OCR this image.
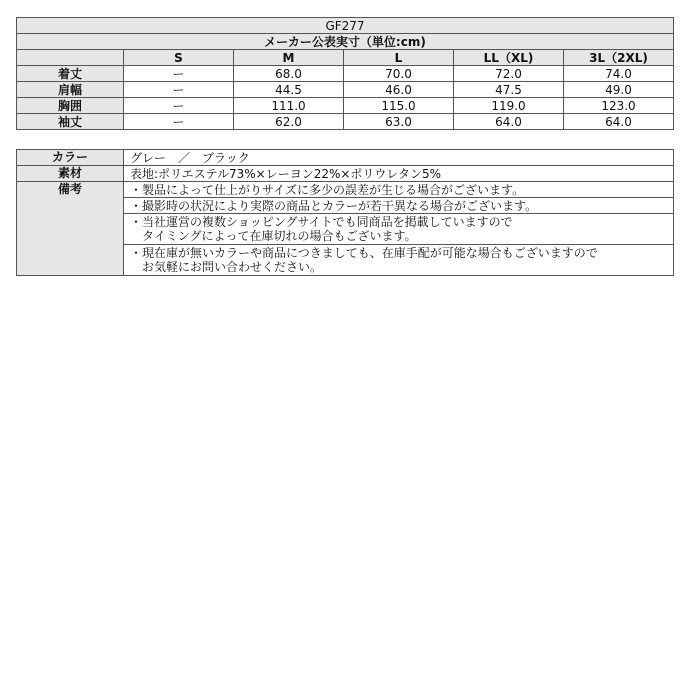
GF277					
メーカー公表実寸（単位:cm)					
	S	M	L	LL（XL)	3L（2XL)
着丈	ー	68.0	70.0	72.0	74.0
肩幅	ー	44.5	46.0	47.5	49.0
胸囲	ー	111.0	115.0	119.0	123.0
袖丈	ー	62.0	63.0	64.0	64.0
カラー	グレー　／　ブラック
素材	表地:ポリエステル73%×レーヨン22%×ポリウレタン5%
備考	・製品によって仕上がりサイズに多少の誤差が生じる場合がございます。

	・撮影時の状況により実際の商品とカラーが若干異なる場合がございます。

	・当社運営の複数ショッピングサイトでも同商品を掲載していますので
　タイミングによって在庫切れの場合もございます。

	・現在庫が無いカラーや商品につきましても、在庫手配が可能な場合もございますので
　お気軽にお問い合わせください。
